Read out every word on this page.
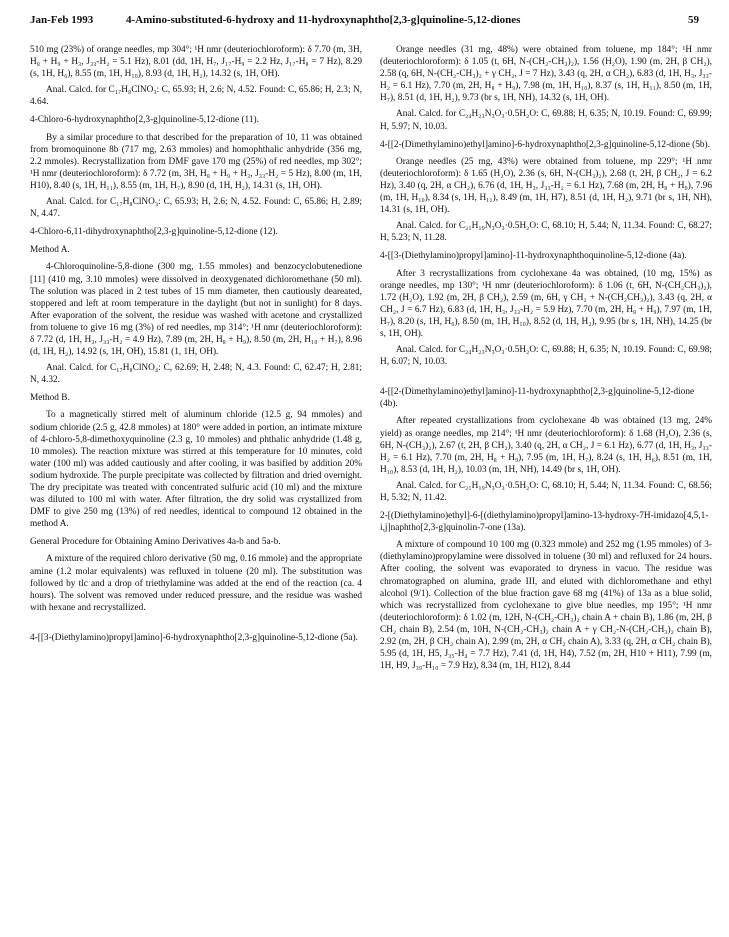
Jan-Feb 1993	4-Amino-substituted-6-hydroxy and 11-hydroxynaphtho[2,3-g]quinoline-5,12-diones	59

510 mg (23%) of orange needles, mp 304°; ¹H nmr (deuteriochloroform): δ 7.70 (m, 3H, H₈ + H₉ + H₃, J₃₃-H₂ = 5.1 Hz), 8.01 (dd, 1H, H₇, J₁₇-H₉ = 2.2 Hz, J₁₇-H₈ = 7 Hz), 8.29 (s, 1H, H₆), 8.55 (m, 1H, H₁₀), 8.93 (d, 1H, H₂), 14.32 (s, 1H, OH).

Anal. Calcd. for C₁₇H₈ClNO₃: C, 65.93; H, 2.6; N, 4.52. Found: C, 65.86; H, 2.3; N, 4.64.

4-Chloro-6-hydroxynaphtho[2,3-g]quinoline-5,12-dione (11).

By a similar procedure to that described for the preparation of 10, 11 was obtained from bromoquinone 8b (717 mg, 2.63 mmoles) and homophthalic anhydride (356 mg, 2.2 mmoles). Recrystallization from DMF gave 170 mg (25%) of red needles, mp 302°; ¹H nmr (deuteriochloroform): δ 7.72 (m, 3H, H₈ + H₉ + H₃, J₃₃-H₂ = 5 Hz), 8.00 (m, 1H, H10), 8.40 (s, 1H, H₁₁), 8.55 (m, 1H, H₇), 8.90 (d, 1H, H₂), 14.31 (s, 1H, OH).

Anal. Calcd. for C₁₇H₈ClNO₃: C, 65.93; H, 2.6; N, 4.52. Found: C, 65.86; H, 2.89; N, 4.47.

4-Chloro-6,11-dihydroxynaphtho[2,3-g]quinoline-5,12-dione (12).

Method A.

4-Chloroquinoline-5,8-dione (300 mg, 1.55 mmoles) and benzocyclobutenedione [11] (410 mg, 3.10 mmoles) were dissolved in deoxygenated dichloromethane (50 ml). The solution was placed in 2 test tubes of 15 mm diameter, then cautiously deareated, stoppered and left at room temperature in the daylight (but not in sunlight) for 8 days. After evaporation of the solvent, the residue was washed with acetone and crystallized from toluene to give 16 mg (3%) of red needles, mp 314°; ¹H nmr (deuteriochloroform): δ 7.72 (d, 1H, H₃, J₃₃-H₂ = 4.9 Hz), 7.89 (m, 2H, H₈ + H₉), 8.50 (m, 2H, H₁₀ + H₇), 8.96 (d, 1H, H₂), 14.92 (s, 1H, OH), 15.81 (1, 1H, OH).

Anal. Calcd. for C₁₇H₈ClNO₄: C, 62.69; H, 2.48; N, 4.3. Found: C, 62.47; H, 2.81; N, 4.32.

Method B.

To a magnetically stirred melt of aluminum chloride (12.5 g, 94 mmoles) and sodium chloride (2.5 g, 42.8 mmoles) at 180° were added in portion, an intimate mixture of 4-chloro-5,8-dimethoxyquinoline (2.3 g, 10 mmoles) and phthalic anhydride (1.48 g, 10 mmoles). The reaction mixture was stirred at this temperature for 10 minutes, cold water (100 ml) was added cautiously and after cooling, it was basified by addition 20% sodium hydroxide. The purple precipitate was collected by filtration and dried overnight. The dry precipitate was treated with concentrated sulfuric acid (10 ml) and the mixture was diluted to 100 ml with water. After filtration, the dry solid was crystallized from DMF to give 250 mg (13%) of red needles, identical to compound 12 obtained in the method A.

General Procedure for Obtaining Amino Derivatives 4a-b and 5a-b.

A mixture of the required chloro derivative (50 mg, 0.16 mmole) and the appropriate amine (1.2 molar equivalents) was refluxed in toluene (20 ml). The substitution was followed by tlc and a drop of triethylamine was added at the end of the reaction (ca. 4 hours). The solvent was removed under reduced pressure, and the residue was washed with hexane and recrystallized.

4-[[3-(Diethylamino)propyl]amino]-6-hydroxynaphtho[2,3-g]quinoline-5,12-dione (5a).

Orange needles (31 mg, 48%) were obtained from toluene, mp 184°; ¹H nmr (deuteriochloroform): δ 1.05 (t, 6H, N-(CH₂-CH₃)₂), 1.56 (H₂O), 1.90 (m, 2H, β CH₂), 2.58 (q, 6H, N-(CH₂-CH₃)₂ + γ CH₂, J = 7 Hz), 3.43 (q, 2H, α CH₂), 6.83 (d, 1H, H₃, J₃₃-H₂ = 6.1 Hz), 7.70 (m, 2H, H₈ + H₉), 7.98 (m, 1H, H₁₀), 8.37 (s, 1H, H₁₁), 8.50 (m, 1H, H₇), 8.51 (d, 1H, H₂), 9.73 (br s, 1H, NH), 14.32 (s, 1H, OH).

Anal. Calcd. for C₂₄H₂₃N₃O₃·0.5H₂O: C, 69.88; H, 6.35; N, 10.19. Found: C, 69.99; H, 5.97; N, 10.03.

4-[[2-(Dimethylamino)ethyl]amino]-6-hydroxynaphtho[2,3-g]quinoline-5,12-dione (5b).

Orange needles (25 mg, 43%) were obtained from toluene, mp 229°; ¹H nmr (deuteriochloroform): δ 1.65 (H₂O), 2.36 (s, 6H, N-(CH₃)₂), 2.68 (t, 2H, β CH₂, J = 6.2 Hz), 3.40 (q, 2H, α CH₂), 6.76 (d, 1H, H₃, J₃₃-H₂ = 6.1 Hz), 7.68 (m, 2H, H₈ + H₉), 7.96 (m, 1H, H₁₀), 8.34 (s, 1H, H₁₁), 8.49 (m, 1H, H7), 8.51 (d, 1H, H₂), 9.71 (br s, 1H, NH), 14.31 (s, 1H, OH).

Anal. Calcd. for C₂₁H₁₉N₃O₃·0.5H₂O: C, 68.10; H, 5.44; N, 11.34. Found: C, 68.27; H, 5.23; N, 11.28.

4-[[3-(Diethylamino)propyl]amino]-11-hydroxynaphthoquinoline-5,12-dione (4a).

After 3 recrystallizations from cyclohexane 4a was obtained, (10 mg, 15%) as orange needles, mp 130°; ¹H nmr (deuteriochloroform): δ 1.06 (t, 6H, N-(CH₂CH₃)₂), 1.72 (H₂O), 1.92 (m, 2H, β CH₂), 2.59 (m, 6H, γ CH₂ + N-(CH₂CH₃)₂), 3.43 (q, 2H, α CH₂, J = 6.7 Hz), 6.83 (d, 1H, H₃, J₃₃-H₂ = 5.9 Hz), 7.70 (m, 2H, H₈ + H₉), 7.97 (m, 1H, H₇), 8.20 (s, 1H, H₆), 8.50 (m, 1H, H₁₀), 8.52 (d, 1H, H₂), 9.95 (br s, 1H, NH), 14.25 (br s, 1H, OH).

Anal. Calcd. for C₂₄H₂₃N₃O₃·0.5H₂O: C, 69.88; H, 6.35; N, 10.19. Found: C, 69.98; H, 6.07; N, 10.03.

4-[[2-(Dimethylamino)ethyl]amino]-11-hydroxynaphtho[2,3-g]quinoline-5,12-dione (4b).

After repeated crystallizations from cyclohexane 4b was obtained (13 mg, 24% yield) as orange needles, mp 214°; ¹H nmr (deuteriochloroform): δ 1.68 (H₂O), 2.36 (s, 6H, N-(CH₃)₂), 2.67 (t, 2H, β CH₂), 3.40 (q, 2H, α CH₂, J = 6.1 Hz), 6.77 (d, 1H, H₃, J₃₃-H₂ = 6.1 Hz), 7.70 (m, 2H, H₈ + H₉), 7.95 (m, 1H, H₇), 8.24 (s, 1H, H₆), 8.51 (m, 1H, H₁₀), 8.53 (d, 1H, H₂), 10.03 (m, 1H, NH), 14.49 (br s, 1H, OH).

Anal. Calcd. for C₂₁H₁₉N₃O₃·0.5H₂O: C, 68.10; H, 5.44; N, 11.34. Found: C, 68.56; H, 5.32; N, 11.42.

2-[(Diethylamino)ethyl]-6-[(diethylamino)propyl]amino-13-hydroxy-7H-imidazo[4,5,1-i,j]naphtho[2,3-g]quinolin-7-one (13a).

A mixture of compound 10 100 mg (0.323 mmole) and 252 mg (1.95 mmoles) of 3-(diethylamino)propylamine were dissolved in toluene (30 ml) and refluxed for 24 hours. After cooling, the solvent was evaporated to dryness in vacuo. The residue was chromatographed on alumina, grade III, and eluted with dichloromethane and ethyl alcohol (9/1). Collection of the blue fraction gave 68 mg (41%) of 13a as a blue solid, which was recrystallized from cyclohexane to give blue needles, mp 195°; ¹H nmr (deuteriochloroform): δ 1.02 (m, 12H, N-(CH₂-CH₃)₂ chain A + chain B), 1.86 (m, 2H, β CH₂ chain B), 2.54 (m, 10H, N-(CH₂-CH₃)₂ chain A + γ CH₂-N-(CH₂-CH₃)₂ chain B), 2.92 (m, 2H, β CH₂ chain A), 2.99 (m, 2H, α CH₂ chain A), 3.33 (q, 2H, α CH₂ chain B), 5.95 (d, 1H, H5, J₃₅-H₄ = 7.7 Hz), 7.41 (d, 1H, H4), 7.52 (m, 2H, H10 + H11), 7.99 (m, 1H, H9, J₃₉-H₁₀ = 7.9 Hz), 8.34 (m, 1H, H12), 8.44
